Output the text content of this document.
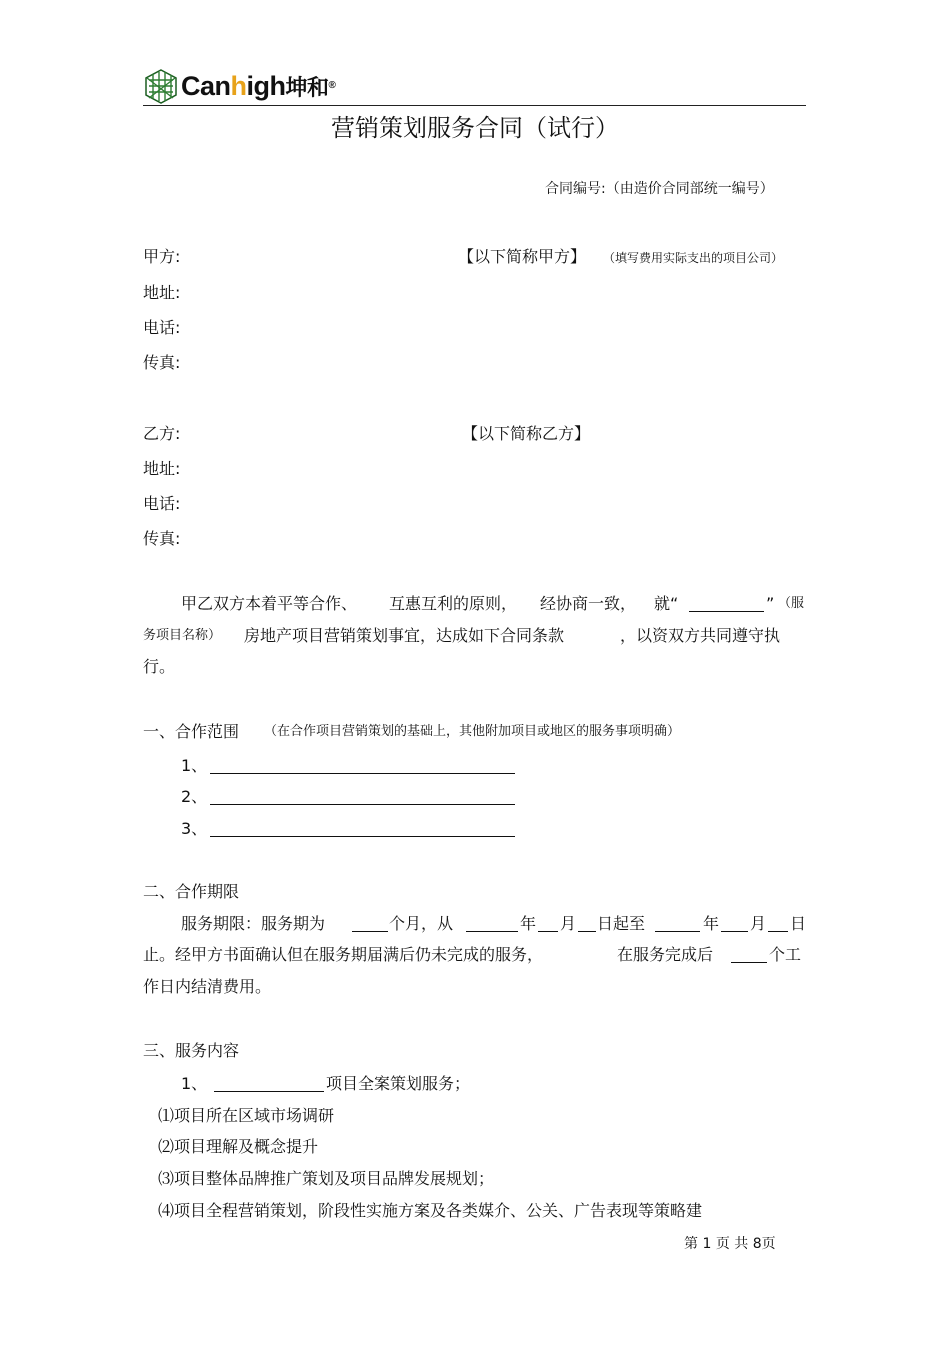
Canhigh坤和®
营销策划服务合同（试行）
合同编号:（由造价合同部统一编号）
甲方:	【以下简称甲方】 （填写费用实际支出的项目公司）
地址:
电话:
传真:
乙方:	【以下简称乙方】
地址:
电话:
传真:
甲乙双方本着平等合作、 互惠互利的原则， 经协商一致， 就“	” （服
务项目名称） 房地产项目营销策划事宜，达成如下合同条款	，以资双方共同遵守执
行。
一、合作范围 （在合作项目营销策划的基础上，其他附加项目或地区的服务事项明确）
1、
2、
3、
二、合作期限
服务期限：服务期为	个月，从	年 月 日起至	年 月 日
止。经甲方书面确认但在服务期届满后仍未完成的服务，	在服务完成后	个工
作日内结清费用。
三、服务内容
1、	项目全案策划服务；
⑴项目所在区域市场调研
⑵项目理解及概念提升
⑶项目整体品牌推广策划及项目品牌发展规划；
⑷项目全程营销策划，阶段性实施方案及各类媒介、公关、广告表现等策略建
第 1 页 共 8页
